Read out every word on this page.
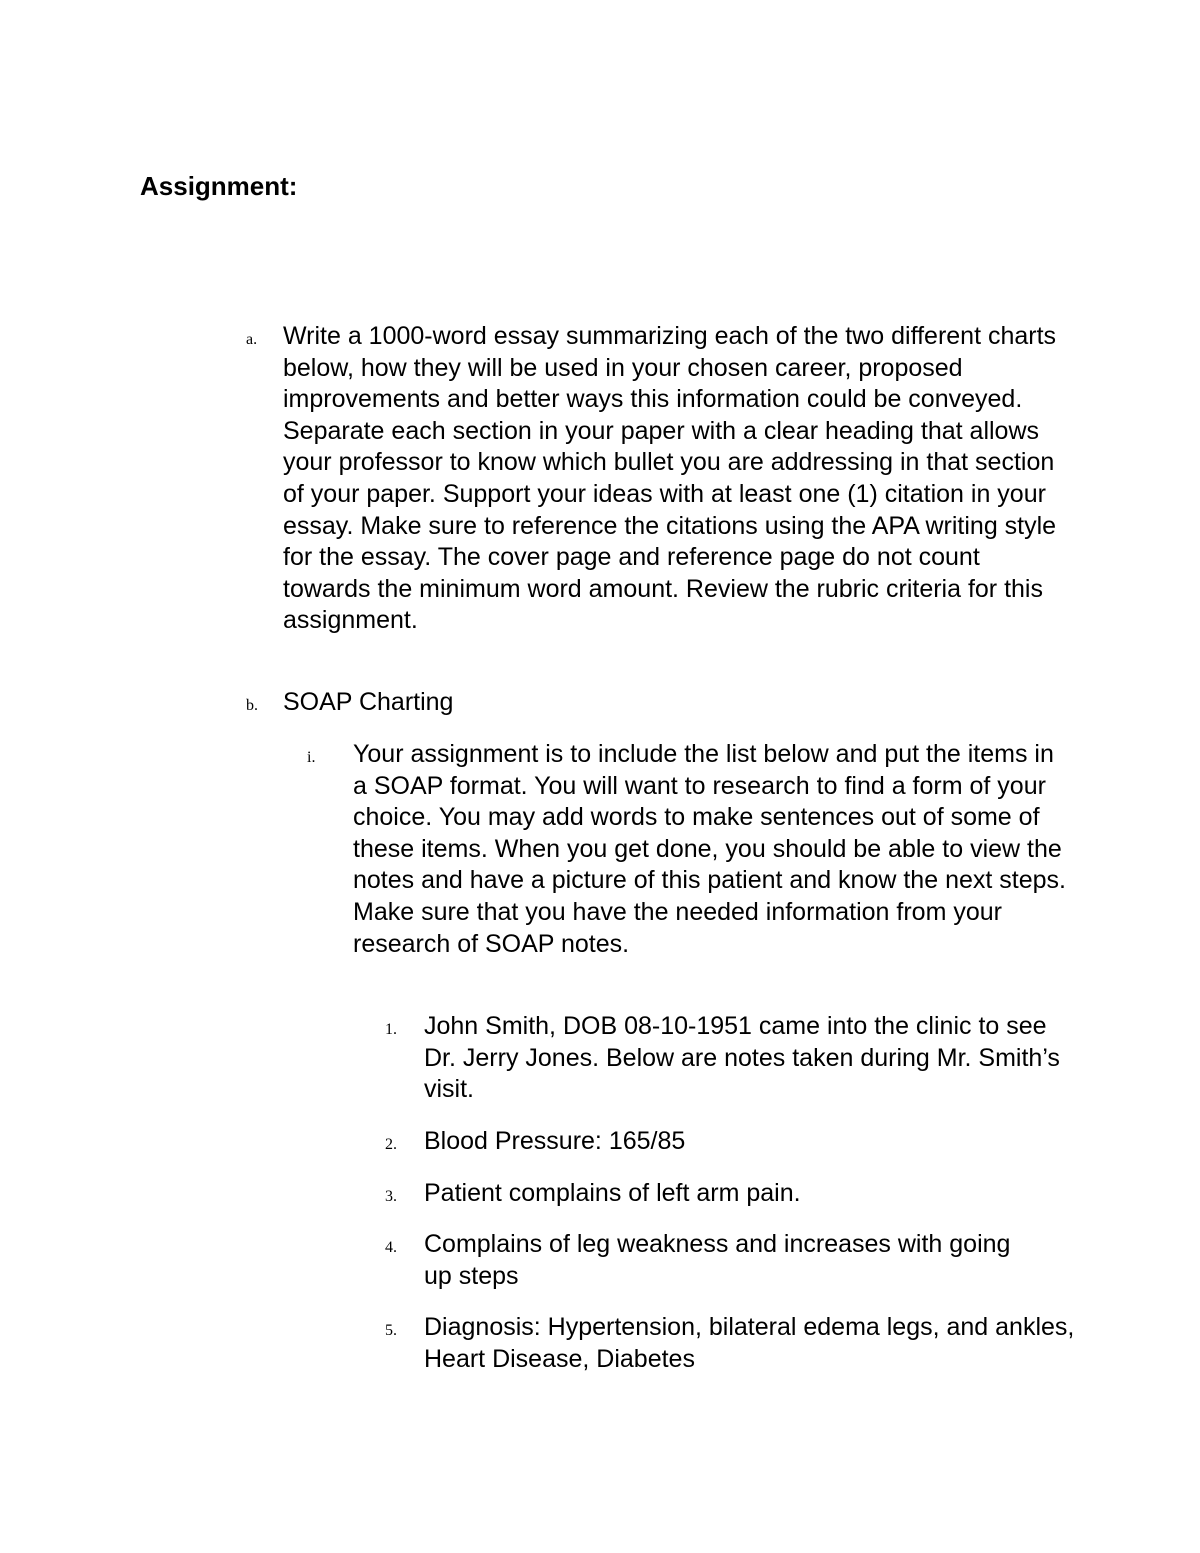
Assignment:
a. Write a 1000-word essay summarizing each of the two different charts below, how they will be used in your chosen career, proposed improvements and better ways this information could be conveyed. Separate each section in your paper with a clear heading that allows your professor to know which bullet you are addressing in that section of your paper. Support your ideas with at least one (1) citation in your essay. Make sure to reference the citations using the APA writing style for the essay. The cover page and reference page do not count towards the minimum word amount. Review the rubric criteria for this assignment.
b. SOAP Charting
i. Your assignment is to include the list below and put the items in a SOAP format. You will want to research to find a form of your choice. You may add words to make sentences out of some of these items. When you get done, you should be able to view the notes and have a picture of this patient and know the next steps. Make sure that you have the needed information from your research of SOAP notes.
1. John Smith, DOB 08-10-1951 came into the clinic to see Dr. Jerry Jones. Below are notes taken during Mr. Smith’s visit.
2. Blood Pressure: 165/85
3. Patient complains of left arm pain.
4. Complains of leg weakness and increases with going up steps
5. Diagnosis: Hypertension, bilateral edema legs, and ankles, Heart Disease, Diabetes
